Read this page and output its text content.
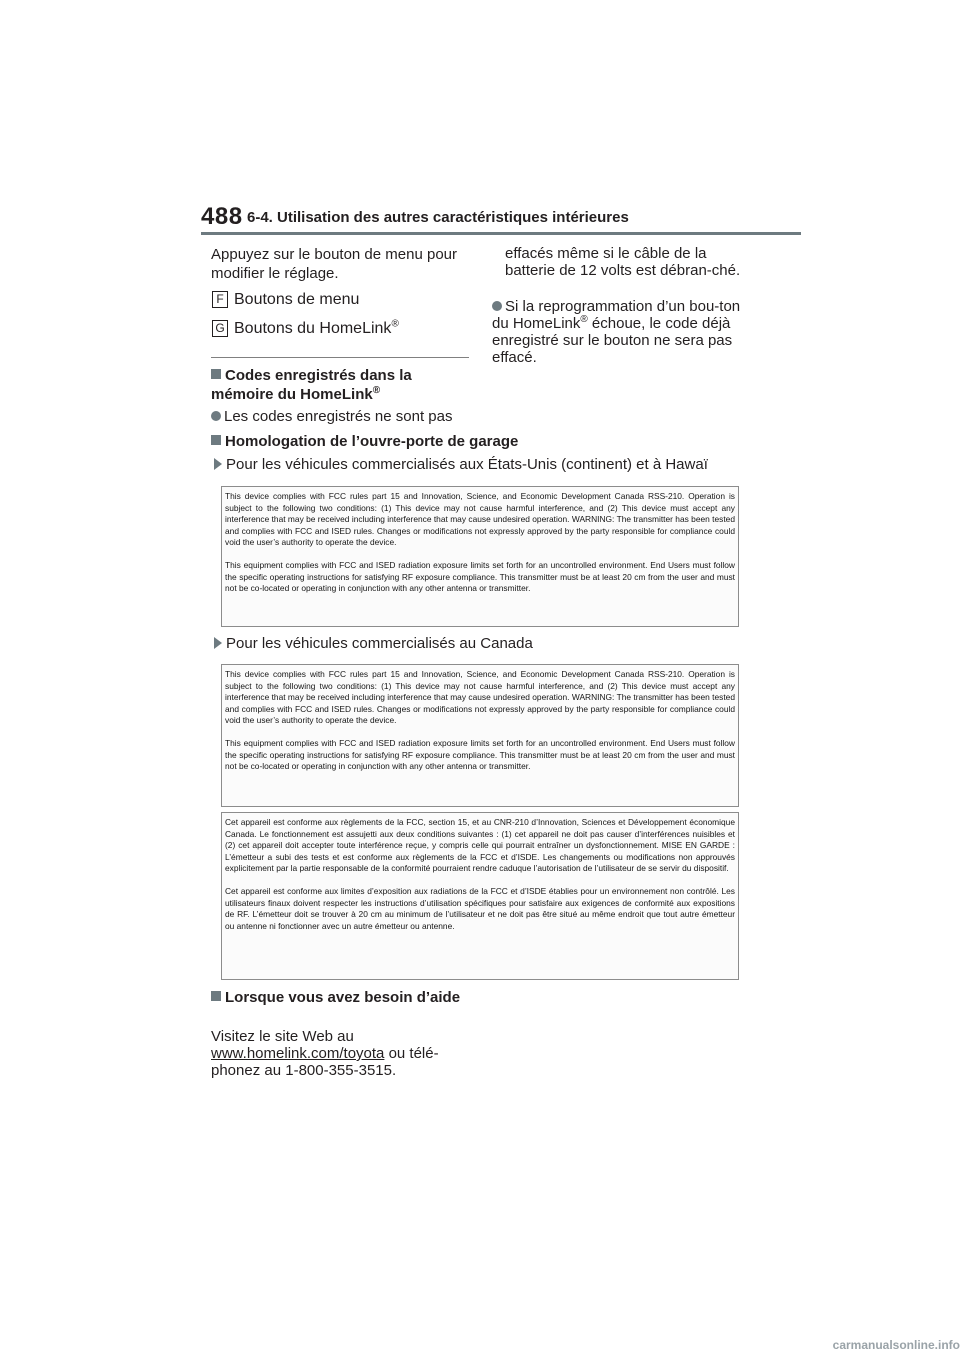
488 6-4. Utilisation des autres caractéristiques intérieures
Appuyez sur le bouton de menu pour modifier le réglage.
F Boutons de menu
G Boutons du HomeLink®
Codes enregistrés dans la mémoire du HomeLink®
Les codes enregistrés ne sont pas
effacés même si le câble de la batterie de 12 volts est débran-ché.
Si la reprogrammation d’un bou-ton du HomeLink® échoue, le code déjà enregistré sur le bouton ne sera pas effacé.
Homologation de l’ouvre-porte de garage
Pour les véhicules commercialisés aux États-Unis (continent) et à Hawaï

This device complies with FCC rules part 15 and Innovation, Science, and Economic Development Canada RSS-210. Operation is subject to the following two conditions: (1) This device may not cause harmful interference, and (2) This device must accept any interference that may be received including interference that may cause undesired operation. WARNING: The transmitter has been tested and complies with FCC and ISED rules. Changes or modifications not expressly approved by the party responsible for compliance could void the user’s authority to operate the device.

This equipment complies with FCC and ISED radiation exposure limits set forth for an uncontrolled environment. End Users must follow the specific operating instructions for satisfying RF exposure compliance. This transmitter must be at least 20 cm from the user and must not be co-located or operating in conjunction with any other antenna or transmitter.

Pour les véhicules commercialisés au Canada

This device complies with FCC rules part 15 and Innovation, Science, and Economic Development Canada RSS-210. Operation is subject to the following two conditions: (1) This device may not cause harmful interference, and (2) This device must accept any interference that may be received including interference that may cause undesired operation. WARNING: The transmitter has been tested and complies with FCC and ISED rules. Changes or modifications not expressly approved by the party responsible for compliance could void the user’s authority to operate the device.

This equipment complies with FCC and ISED radiation exposure limits set forth for an uncontrolled environment. End Users must follow the specific operating instructions for satisfying RF exposure compliance. This transmitter must be at least 20 cm from the user and must not be co-located or operating in conjunction with any other antenna or transmitter.

Cet appareil est conforme aux règlements de la FCC, section 15, et au CNR-210 d’Innovation, Sciences et Développement économique Canada. Le fonctionnement est assujetti aux deux conditions suivantes : (1) cet appareil ne doit pas causer d’interférences nuisibles et (2) cet appareil doit accepter toute interférence reçue, y compris celle qui pourrait entraîner un dysfonctionnement. MISE EN GARDE : L’émetteur a subi des tests et est conforme aux règlements de la FCC et d’ISDE. Les changements ou modifications non approuvés explicitement par la partie responsable de la conformité pourraient rendre caduque l’autorisation de l’utilisateur de se servir du dispositif.

Cet appareil est conforme aux limites d’exposition aux radiations de la FCC et d’ISDE établies pour un environnement non contrôlé. Les utilisateurs finaux doivent respecter les instructions d’utilisation spécifiques pour satisfaire aux exigences de conformité aux expositions de RF. L’émetteur doit se trouver à 20 cm au minimum de l’utilisateur et ne doit pas être situé au même endroit que tout autre émetteur ou antenne ni fonctionner avec un autre émetteur ou antenne.

Lorsque vous avez besoin d’aide
Visitez le site Web au www.homelink.com/toyota ou télé-phonez au 1-800-355-3515.
carmanualsonline.info
